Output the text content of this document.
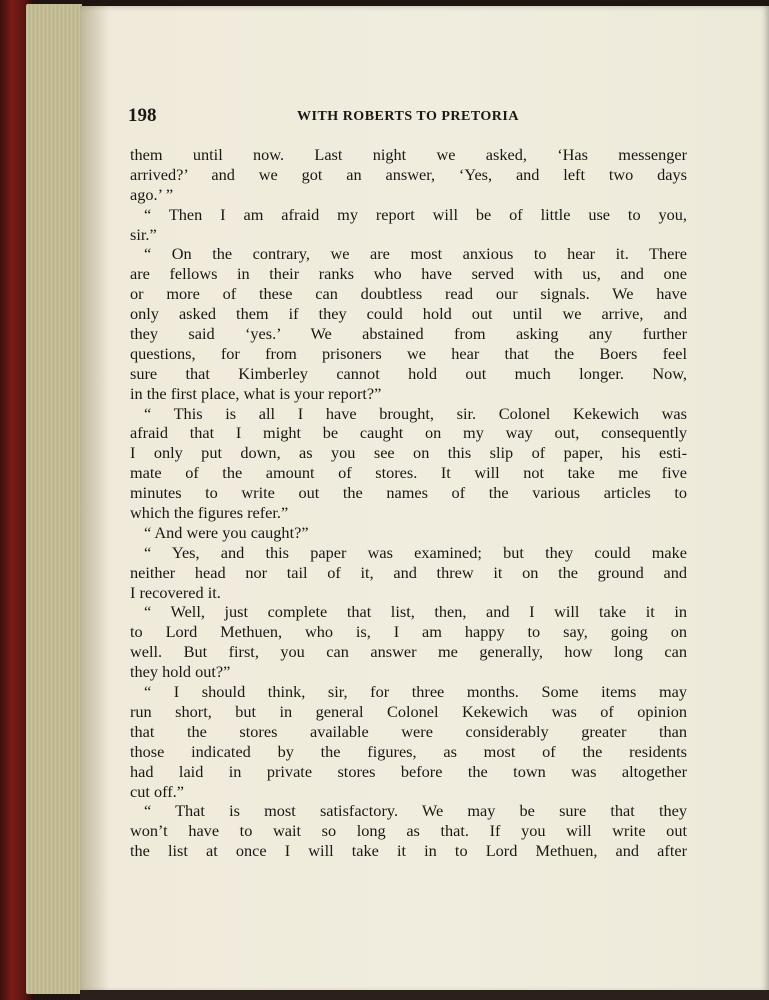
198	WITH ROBERTS TO PRETORIA
them until now. Last night we asked, ‘Has messenger
arrived?’ and we got an answer, ‘Yes, and left two days
ago.’ ”
“ Then I am afraid my report will be of little use to you,
sir.”
“ On the contrary, we are most anxious to hear it. There
are fellows in their ranks who have served with us, and one
or more of these can doubtless read our signals. We have
only asked them if they could hold out until we arrive, and
they said ‘yes.’ We abstained from asking any further
questions, for from prisoners we hear that the Boers feel
sure that Kimberley cannot hold out much longer. Now,
in the first place, what is your report?”
“ This is all I have brought, sir. Colonel Kekewich was
afraid that I might be caught on my way out, consequently
I only put down, as you see on this slip of paper, his esti-
mate of the amount of stores. It will not take me five
minutes to write out the names of the various articles to
which the figures refer.”
“ And were you caught?”
“ Yes, and this paper was examined; but they could make
neither head nor tail of it, and threw it on the ground and
I recovered it.
“ Well, just complete that list, then, and I will take it in
to Lord Methuen, who is, I am happy to say, going on
well. But first, you can answer me generally, how long can
they hold out?”
“ I should think, sir, for three months. Some items may
run short, but in general Colonel Kekewich was of opinion
that the stores available were considerably greater than
those indicated by the figures, as most of the residents
had laid in private stores before the town was altogether
cut off.”
“ That is most satisfactory. We may be sure that they
won’t have to wait so long as that. If you will write out
the list at once I will take it in to Lord Methuen, and after
